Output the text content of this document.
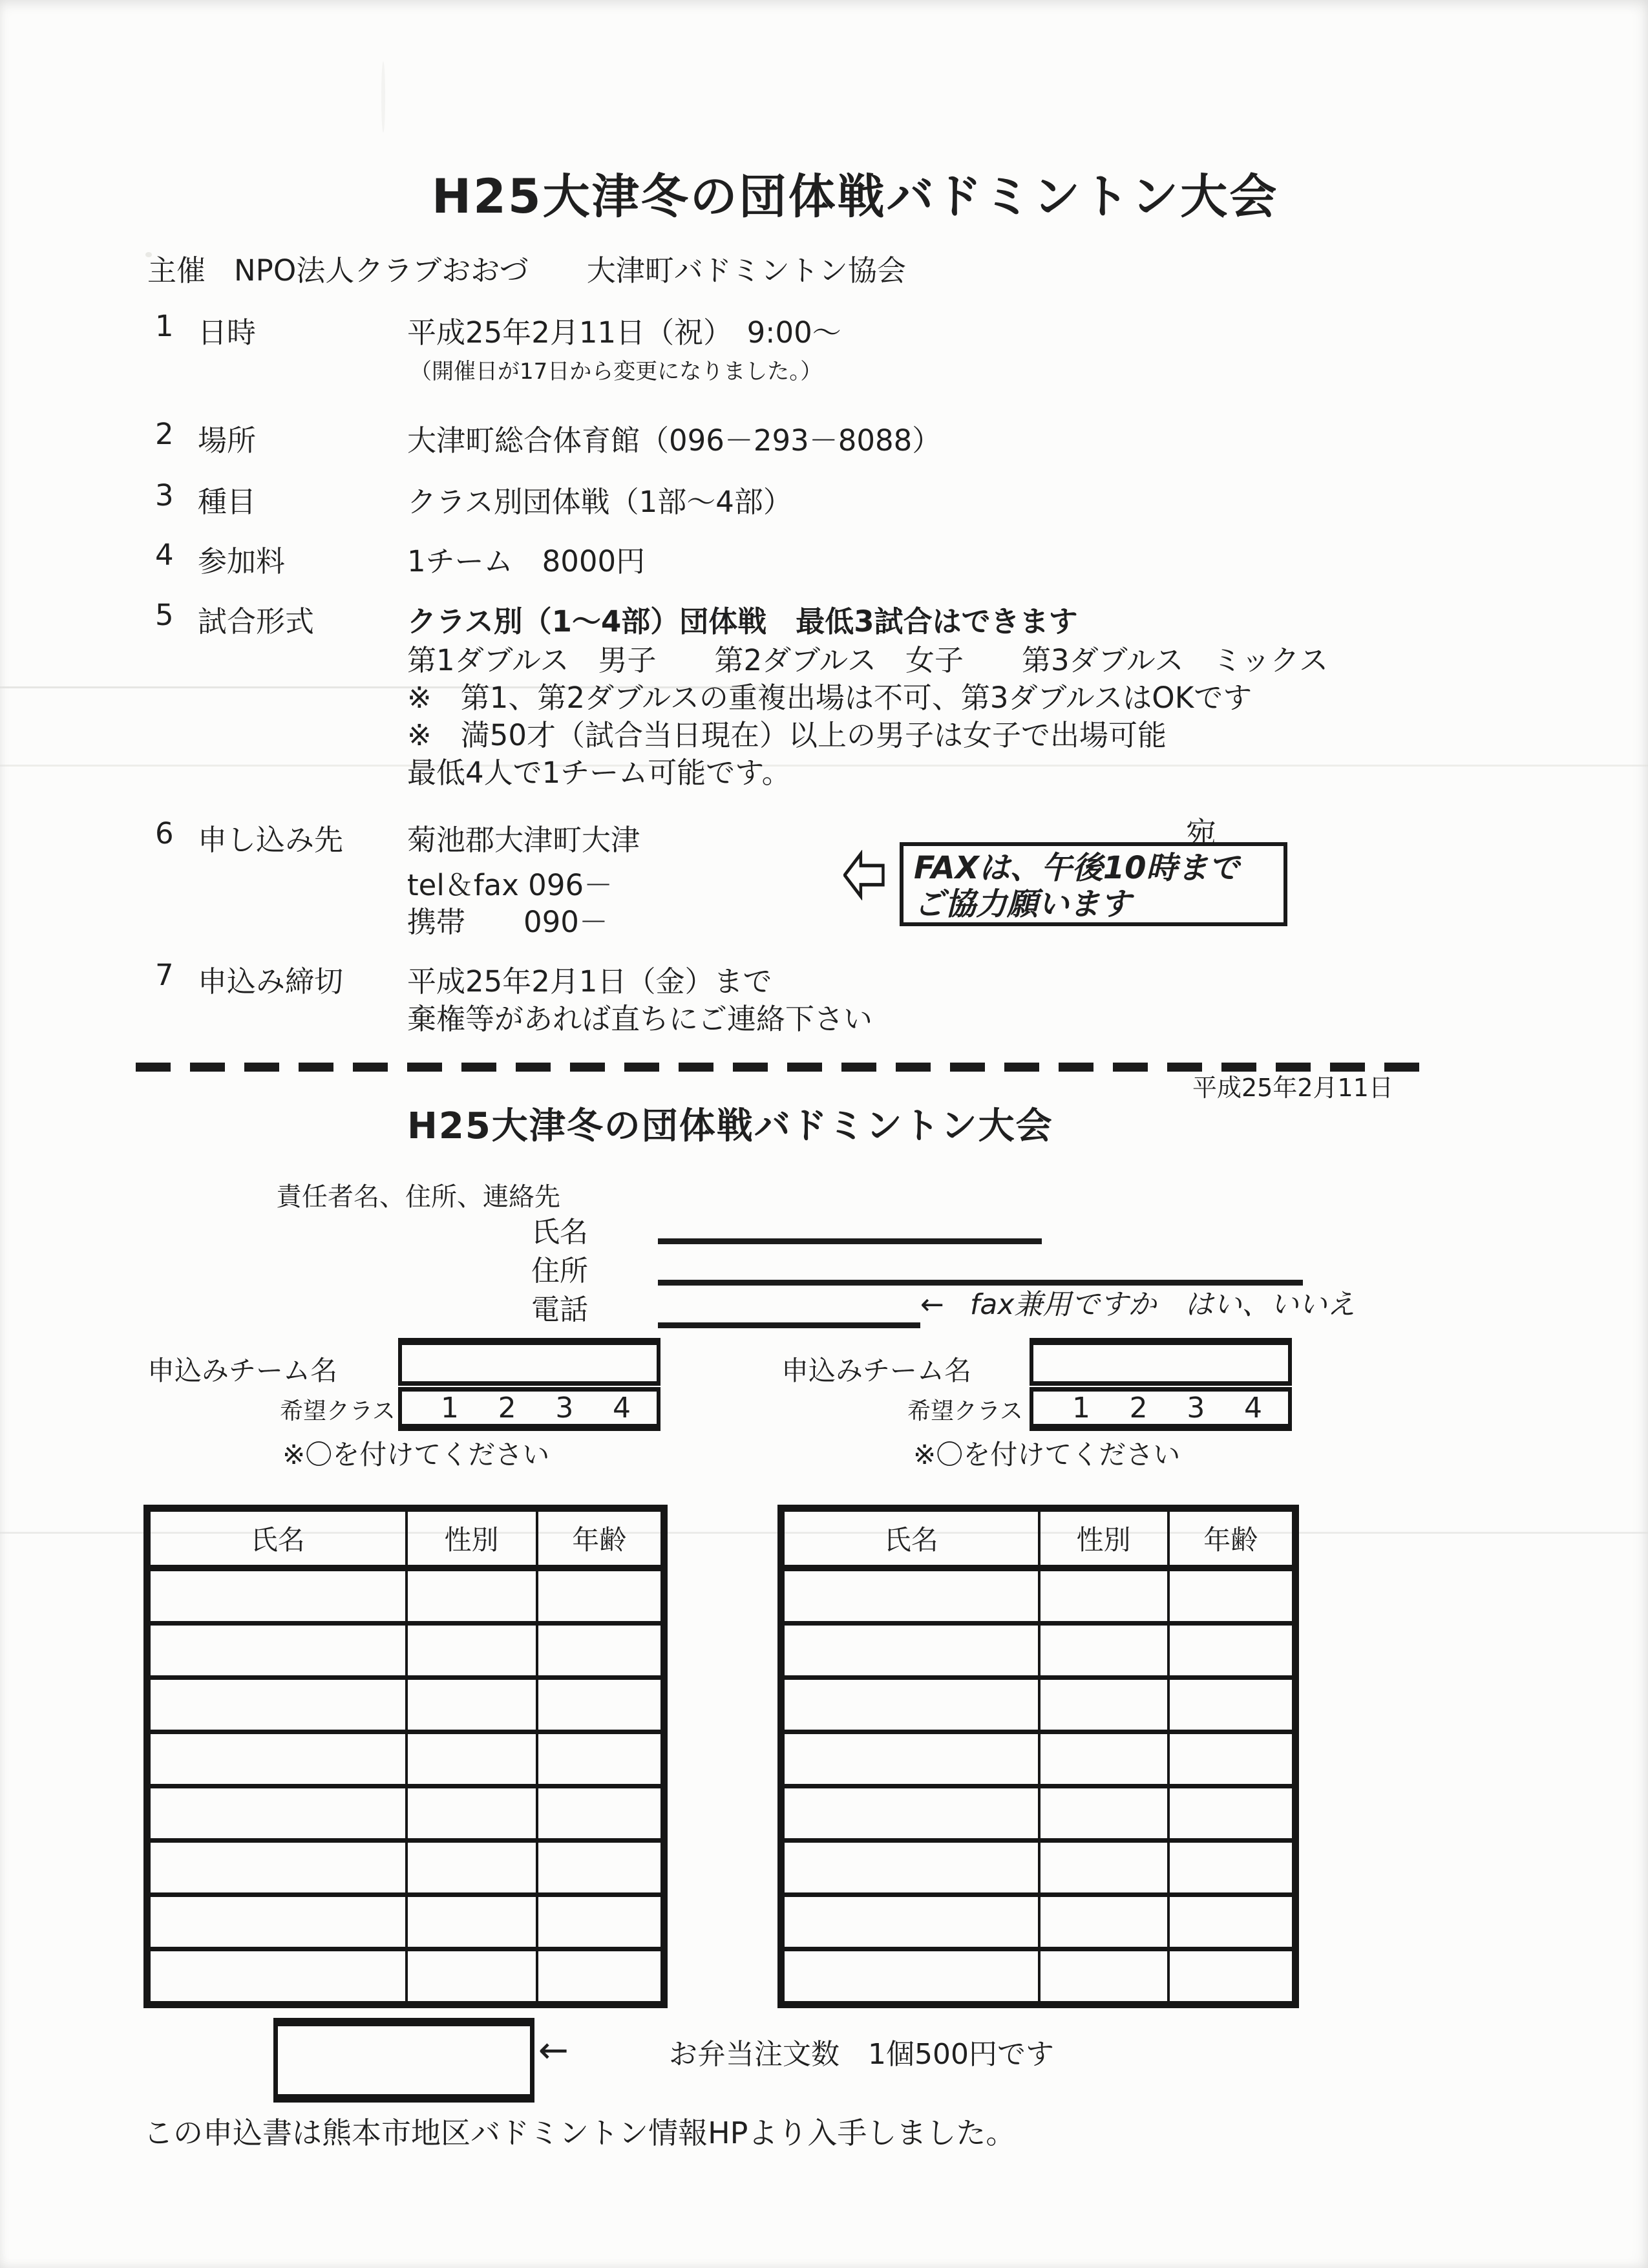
H25大津冬の団体戦バドミントン大会
主催 NPO法人クラブおおづ　　大津町バドミントン協会
1 日時	平成25年2月11日（祝）　9:00～
（開催日が17日から変更になりました。）
2 場所	大津町総合体育館（096－293－8088）
3 種目	クラス別団体戦（1部～4部）
4 参加料	1チーム　8000円
5 試合形式	クラス別（1～4部）団体戦　最低3試合はできます
第1ダブルス　男子　　第2ダブルス　女子　　第3ダブルス　ミックス
※　第1、第2ダブルスの重複出場は不可、第3ダブルスはOKです
※　満50才（試合当日現在）以上の男子は女子で出場可能
最低4人で1チーム可能です。
6 申し込み先 菊池郡大津町大津
tel＆fax 096－
携帯　　090－
宛
FAXは、午後10時まで
ご協力願います
7 申込み締切 平成25年2月1日（金）まで
棄権等があれば直ちにご連絡下さい
平成25年2月11日
H25大津冬の団体戦バドミントン大会
責任者名、住所、連絡先
氏名
住所
電話	← fax兼用ですか　はい、いいえ
申込みチーム名
希望クラス 1 2 3 4
※〇を付けてください
申込みチーム名
希望クラス 1 2 3 4
※〇を付けてください
氏名	性別	年齢

			氏名	性別	年齢

←	お弁当注文数　1個500円です
この申込書は熊本市地区バドミントン情報HPより入手しました。
